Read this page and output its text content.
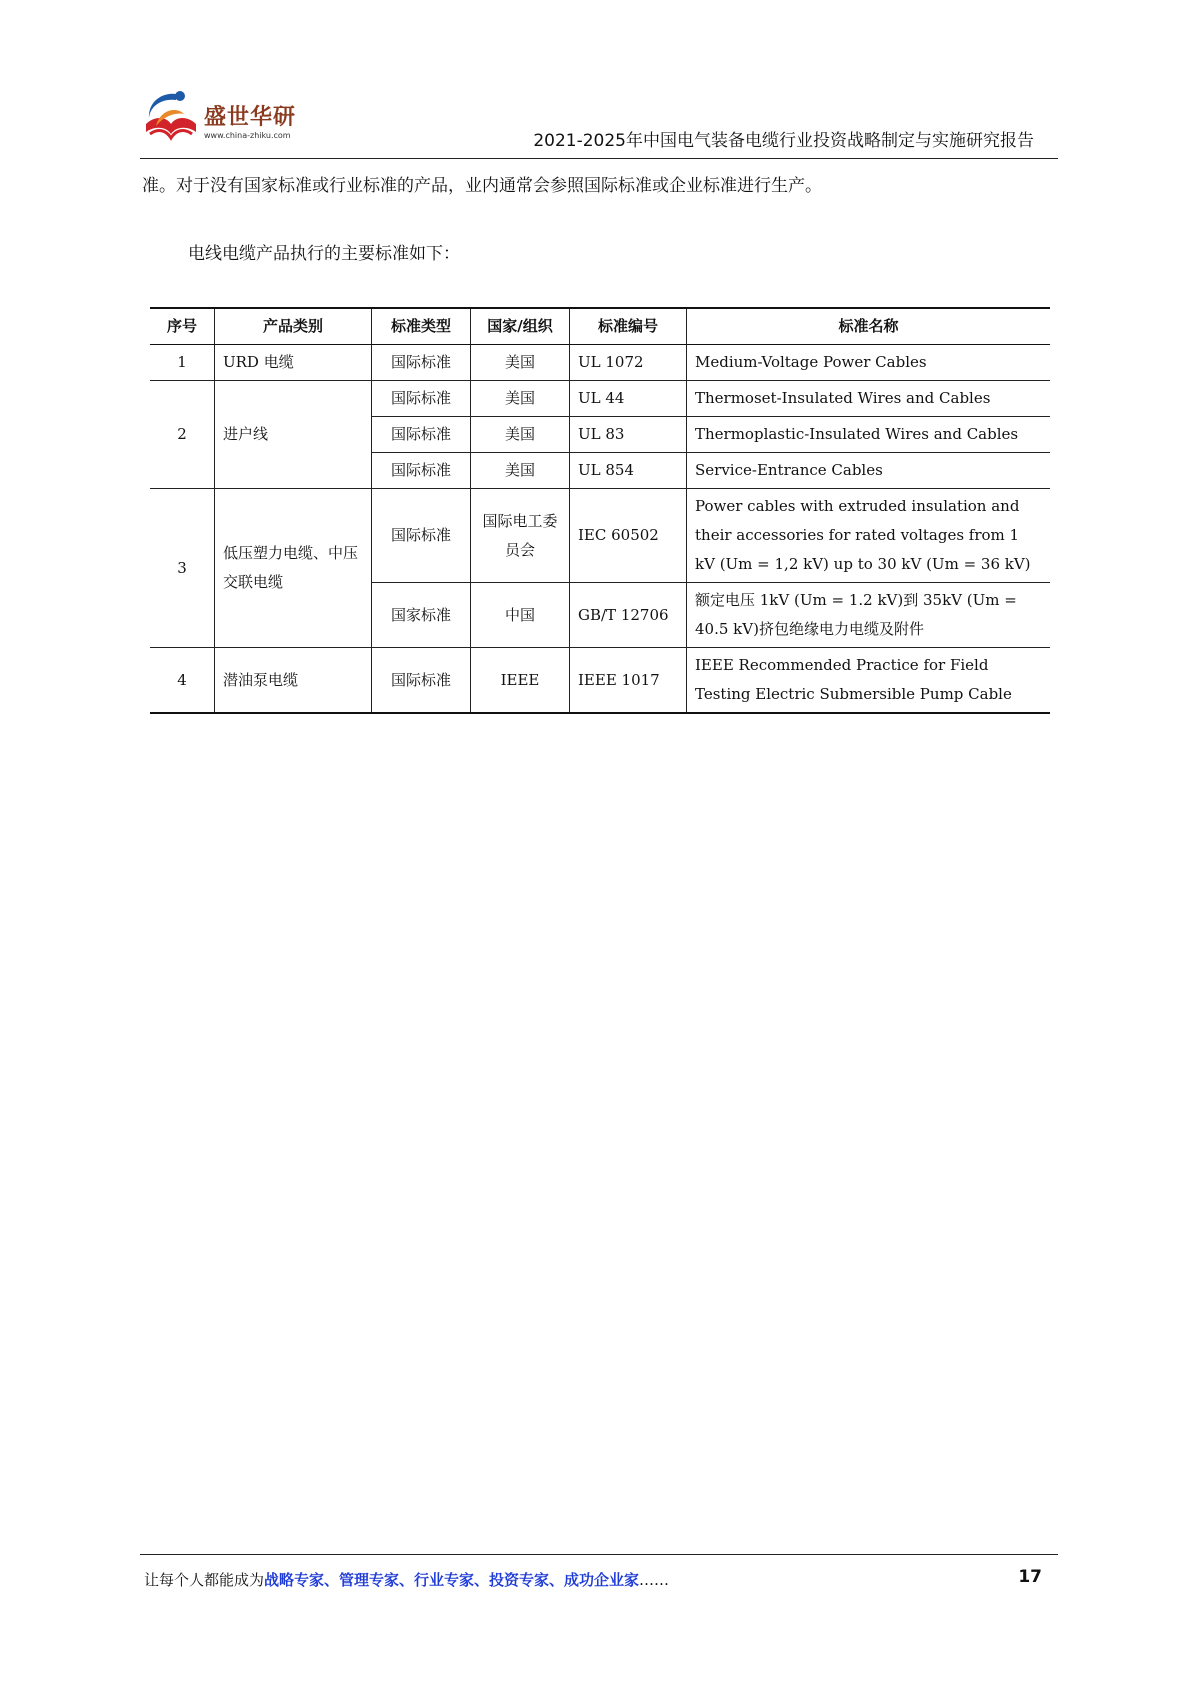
盛世华研
www.china-zhiku.com	2021-2025年中国电气装备电缆行业投资战略制定与实施研究报告
准。对于没有国家标准或行业标准的产品，业内通常会参照国际标准或企业标准进行生产。
电线电缆产品执行的主要标准如下：
序号	产品类别	标准类型	国家/组织	标准编号	标准名称
1	URD 电缆	国际标准	美国	UL 1072	Medium-Voltage Power Cables
2	进户线	国际标准	美国	UL 44	Thermoset-Insulated Wires and Cables
		国际标准	美国	UL 83	Thermoplastic-Insulated Wires and Cables
		国际标准	美国	UL 854	Service-Entrance Cables
3	低压塑力电缆、中压交联电缆	国际标准	国际电工委员会	IEC 60502	Power cables with extruded insulation and their accessories for rated voltages from 1 kV (Um = 1,2 kV) up to 30 kV (Um = 36 kV)
		国家标准	中国	GB/T 12706	额定电压 1kV (Um = 1.2 kV)到 35kV (Um = 40.5 kV)挤包绝缘电力电缆及附件
4	潜油泵电缆	国际标准	IEEE	IEEE 1017	IEEE Recommended Practice for Field Testing Electric Submersible Pump Cable
让每个人都能成为战略专家、管理专家、行业专家、投资专家、成功企业家……	17
